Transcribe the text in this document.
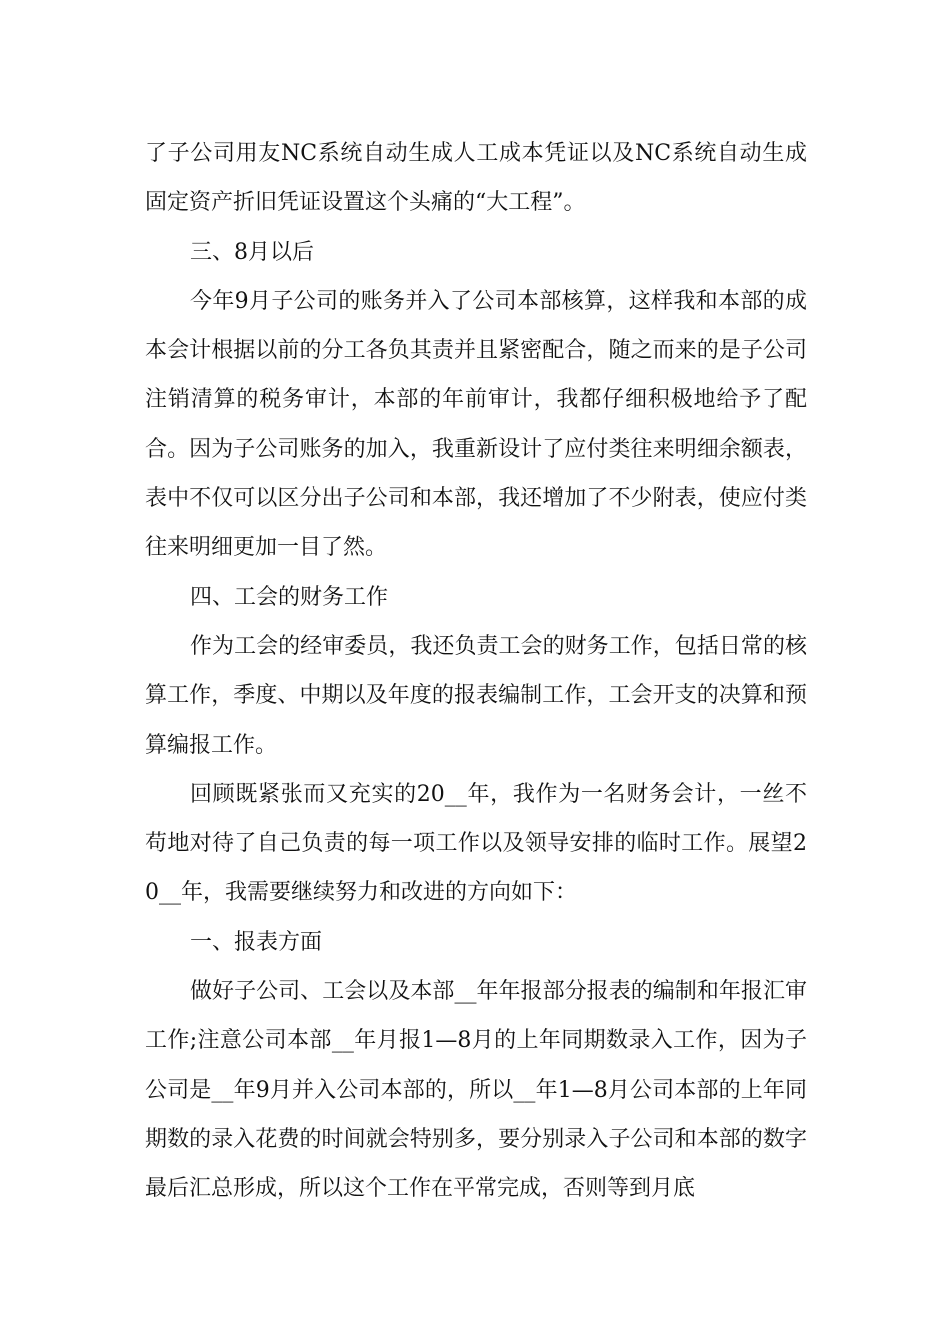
了子公司用友NC系统自动生成人工成本凭证以及NC系统自动生成固定资产折旧凭证设置这个头痛的“大工程”。

三、8月以后

今年9月子公司的账务并入了公司本部核算，这样我和本部的成本会计根据以前的分工各负其责并且紧密配合，随之而来的是子公司注销清算的税务审计，本部的年前审计，我都仔细积极地给予了配合。因为子公司账务的加入，我重新设计了应付类往来明细余额表，表中不仅可以区分出子公司和本部，我还增加了不少附表，使应付类往来明细更加一目了然。

四、工会的财务工作

作为工会的经审委员，我还负责工会的财务工作，包括日常的核算工作，季度、中期以及年度的报表编制工作，工会开支的决算和预算编报工作。

回顾既紧张而又充实的20__年，我作为一名财务会计，一丝不苟地对待了自己负责的每一项工作以及领导安排的临时工作。展望20__年，我需要继续努力和改进的方向如下：

一、报表方面

做好子公司、工会以及本部__年年报部分报表的编制和年报汇审工作;注意公司本部__年月报1—8月的上年同期数录入工作，因为子公司是__年9月并入公司本部的，所以__年1—8月公司本部的上年同期数的录入花费的时间就会特别多，要分别录入子公司和本部的数字最后汇总形成，所以这个工作在平常完成，否则等到月底
